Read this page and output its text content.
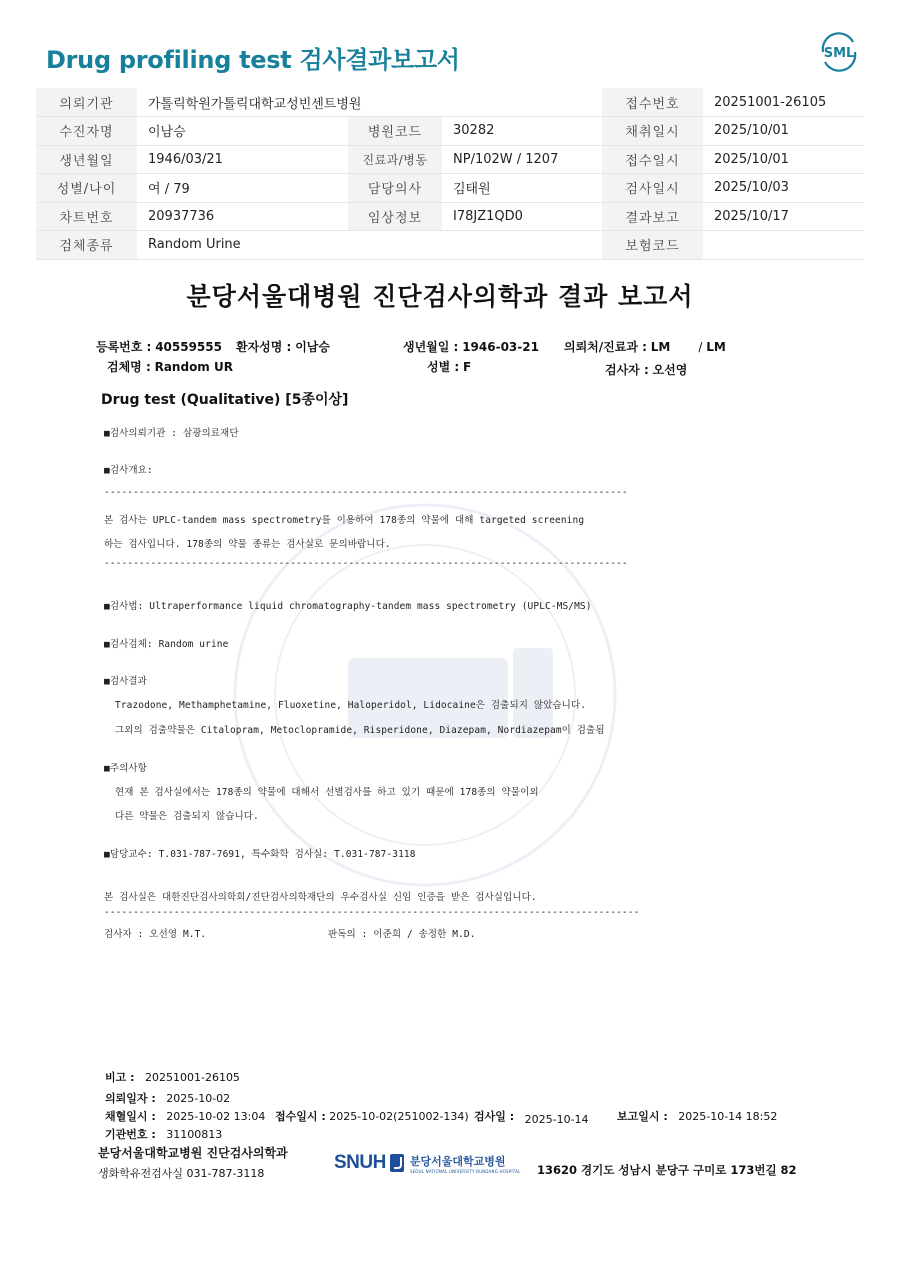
Drug profiling test 검사결과보고서	SML
의뢰기관	가톨릭학원가톨릭대학교성빈센트병원			접수번호	20251001-26105
수진자명	이남승	병원코드	30282	채취일시	2025/10/01
생년월일	1946/03/21	진료과/병동	NP/102W / 1207	접수일시	2025/10/01
성별/나이	여 / 79	담당의사	김태원	검사일시	2025/10/03
차트번호	20937736	임상정보	I78JZ1QD0	결과보고	2025/10/17
검체종류	Random Urine			보험코드	
분당서울대병원 진단검사의학과 결과 보고서
등록번호 : 40559555 환자성명 : 이남승	생년월일 : 1946-03-21 의뢰처/진료과 : LM / LM
검체명 : Random UR	성별 : F	검사자 : 오선영
Drug test (Qualitative) [5종이상]
■검사의뢰기관 : 삼광의료재단
■검사개요:
------------------------------------------------------------------------------------------
본 검사는 UPLC-tandem mass spectrometry를 이용하여 178종의 약물에 대해 targeted screening
하는 검사입니다. 178종의 약물 종류는 검사실로 문의바랍니다.
------------------------------------------------------------------------------------------
■검사법: Ultraperformance liquid chromatography-tandem mass spectrometry (UPLC-MS/MS)
■검사검체: Random urine
■검사결과
Trazodone, Methamphetamine, Fluoxetine, Haloperidol, Lidocaine은 검출되지 않았습니다.
그외의 검출약물은 Citalopram, Metoclopramide, Risperidone, Diazepam, Nordiazepam이 검출됨
■주의사항
현재 본 검사실에서는 178종의 약물에 대해서 선별검사를 하고 있기 때문에 178종의 약물이외
다른 약물은 검출되지 않습니다.
■담당교수: T.031-787-7691, 특수화학 검사실: T.031-787-3118
본 검사실은 대한진단검사의학회/진단검사의학재단의 우수검사실 신임 인증을 받은 검사실입니다.
--------------------------------------------------------------------------------------------
검사자 : 오선영 M.T.	판독의 : 이준희 / 송정한 M.D.
비고 : 20251001-26105
의뢰일자 : 2025-10-02
채혈일시 : 2025-10-02 13:04 접수일시 : 2025-10-02(251002-134) 검사일 : 2025-10-14	보고일시 : 2025-10-14 18:52
기관번호 : 31100813
분당서울대학교병원 진단검사의학과
생화학유전검사실 031-787-3118
SNUH 분당서울대학교병원
SEOUL NATIONAL UNIVERSITY BUNDANG HOSPITAL 13620 경기도 성남시 분당구 구미로 173번길 82
